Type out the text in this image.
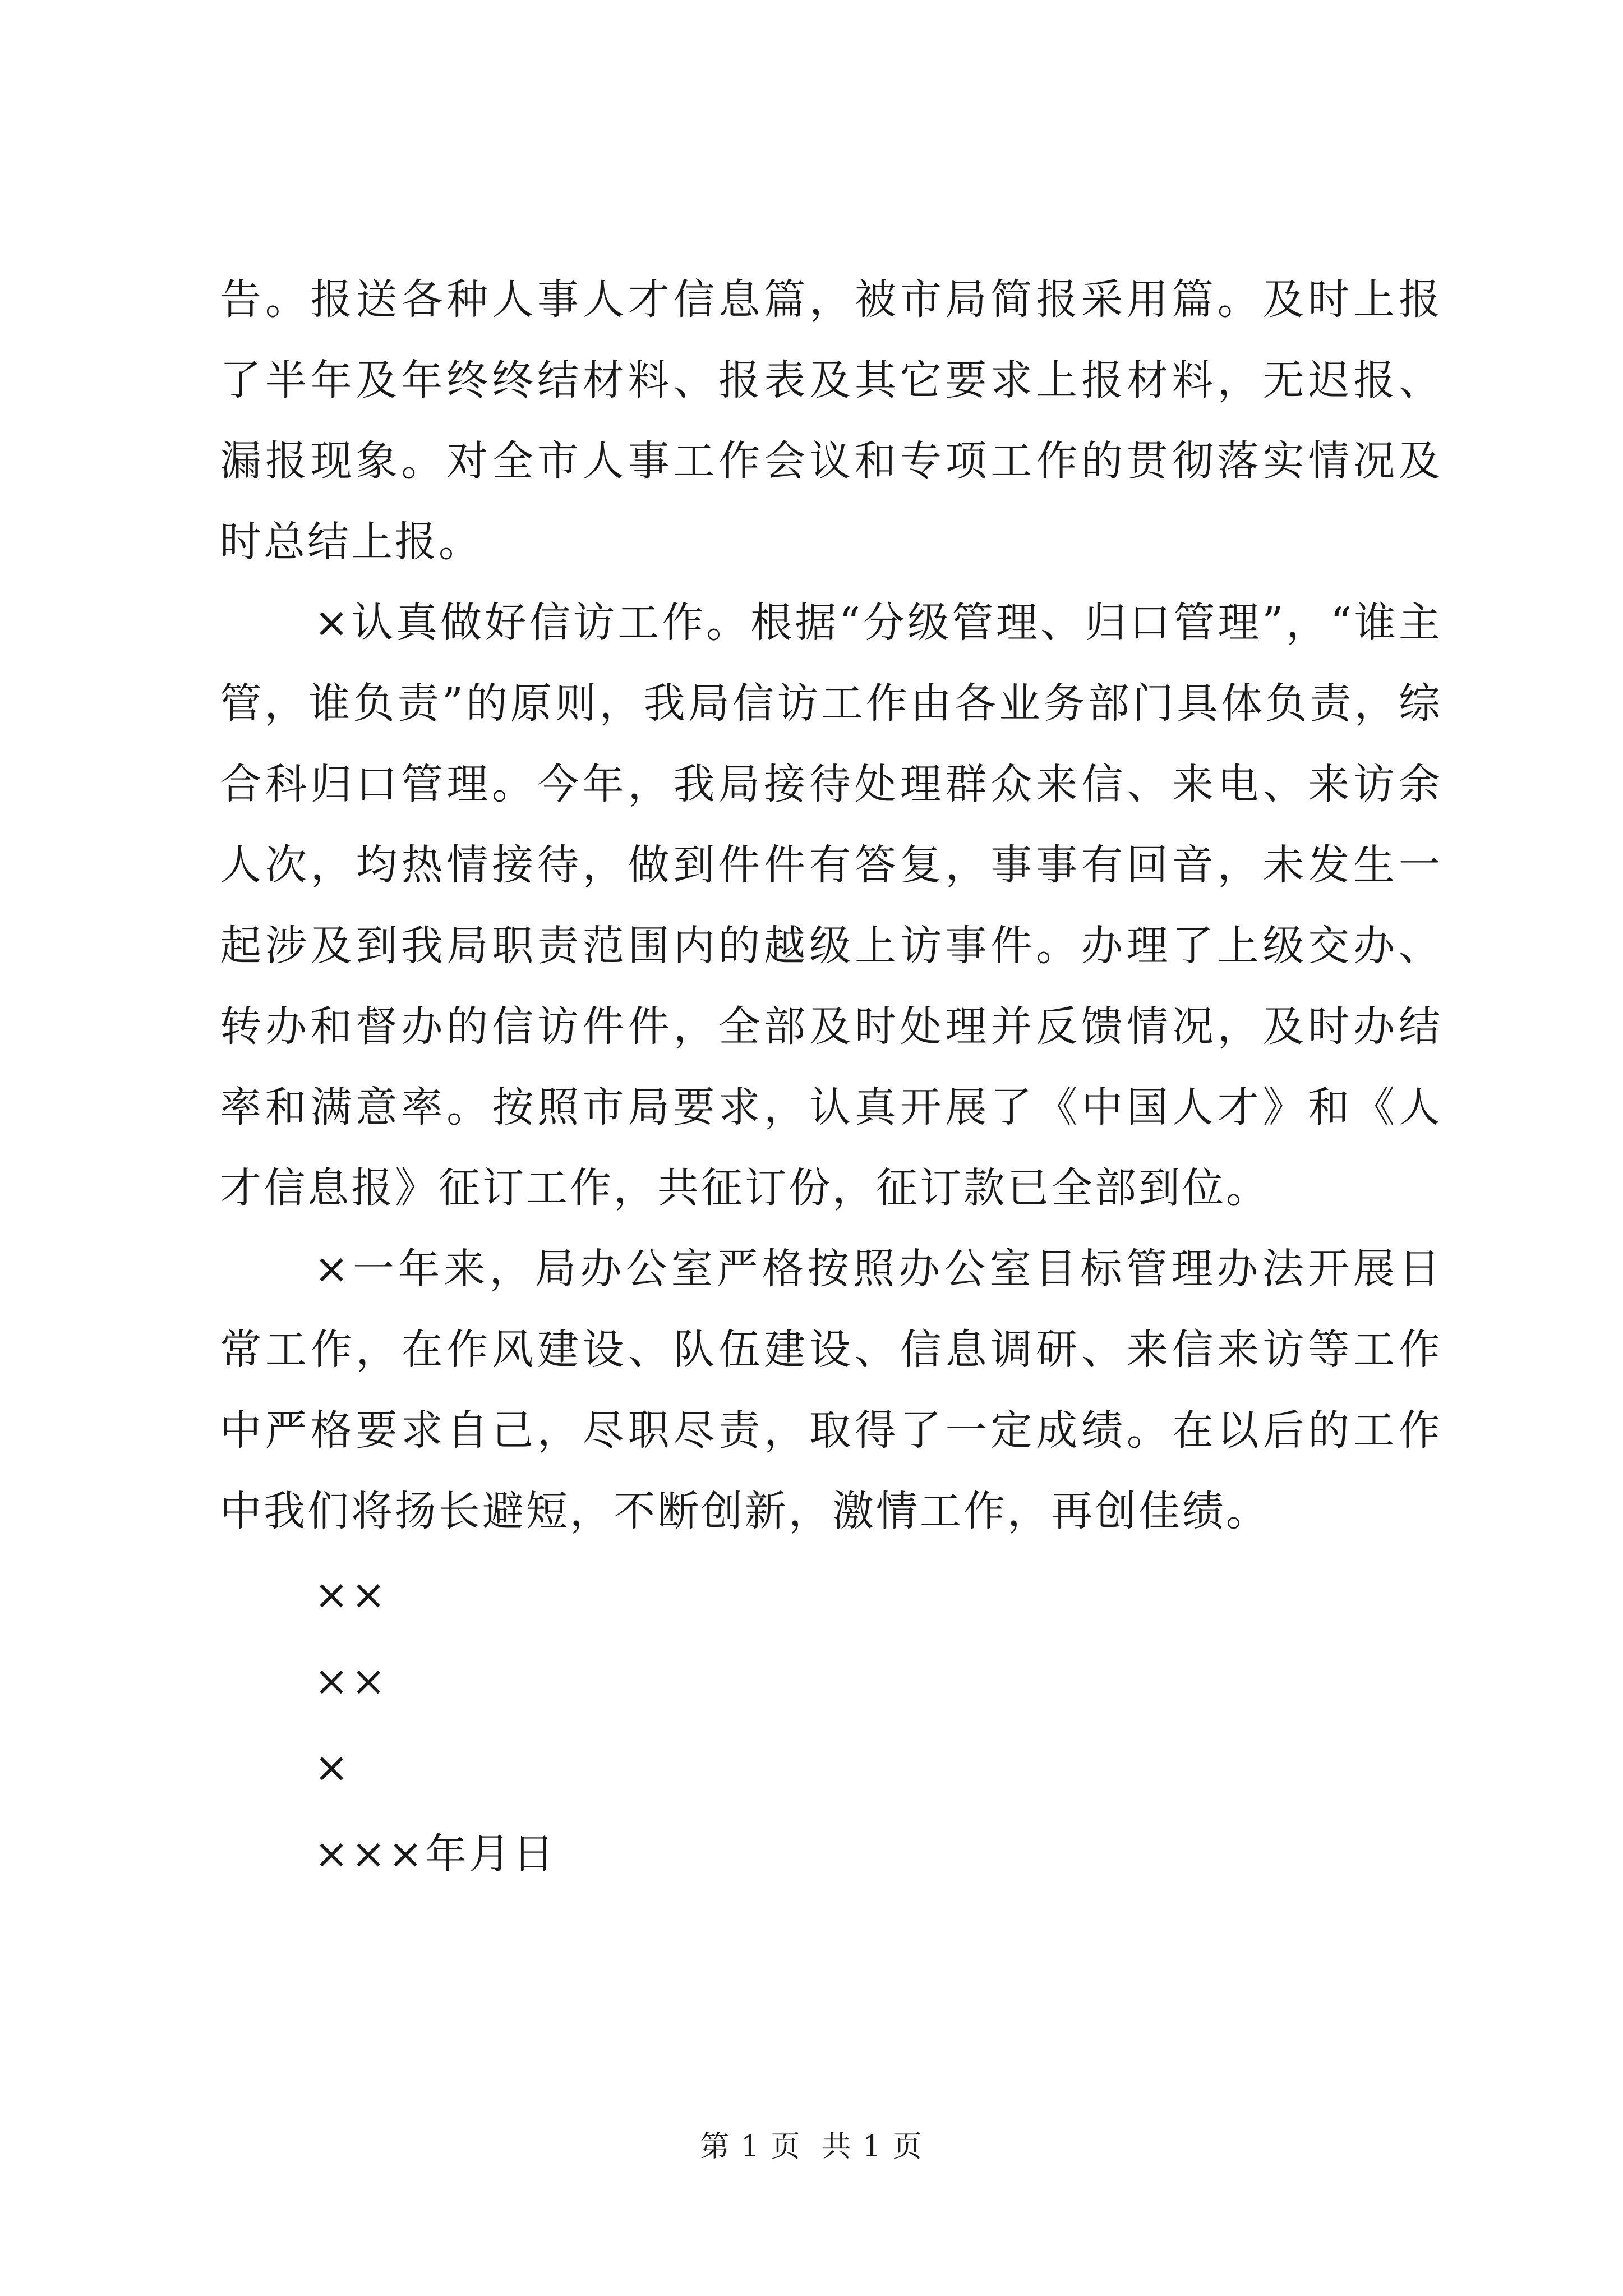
告。报送各种人事人才信息篇，被市局简报采用篇。及时上报了半年及年终终结材料、报表及其它要求上报材料，无迟报、漏报现象。对全市人事工作会议和专项工作的贯彻落实情况及时总结上报。

×认真做好信访工作。根据“分级管理、归口管理”，“谁主管，谁负责”的原则，我局信访工作由各业务部门具体负责，综合科归口管理。今年，我局接待处理群众来信、来电、来访余人次，均热情接待，做到件件有答复，事事有回音，未发生一起涉及到我局职责范围内的越级上访事件。办理了上级交办、转办和督办的信访件件，全部及时处理并反馈情况，及时办结率和满意率。按照市局要求，认真开展了《中国人才》和《人才信息报》征订工作，共征订份，征订款已全部到位。

×一年来，局办公室严格按照办公室目标管理办法开展日常工作，在作风建设、队伍建设、信息调研、来信来访等工作中严格要求自己，尽职尽责，取得了一定成绩。在以后的工作中我们将扬长避短，不断创新，激情工作，再创佳绩。

××

××

×

×××年月日

第 1 页  共 1 页
